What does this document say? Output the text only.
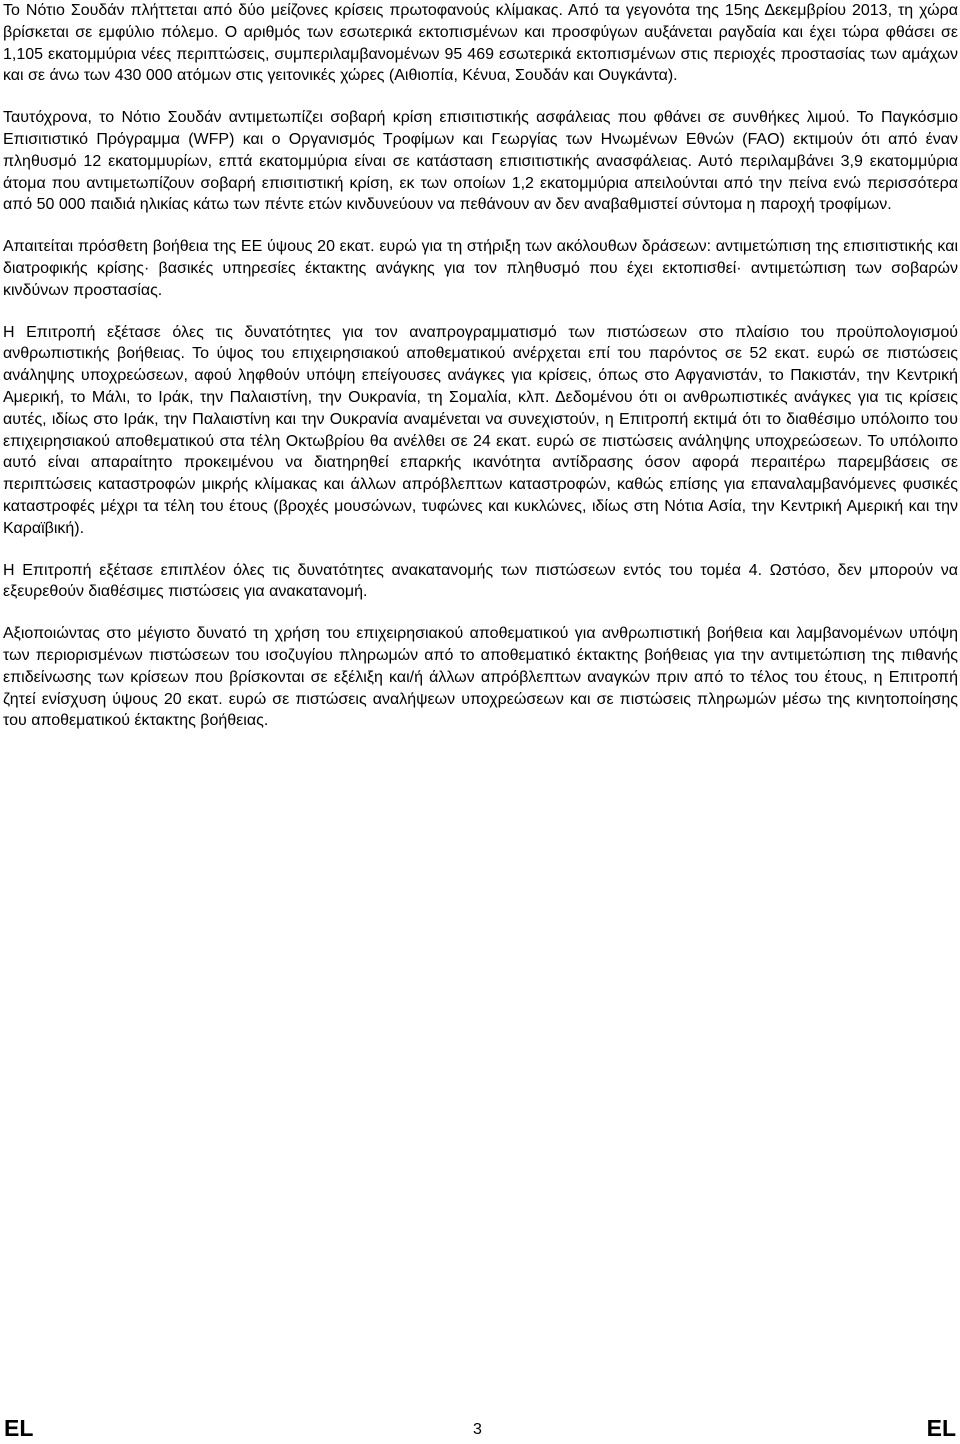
Το Νότιο Σουδάν πλήττεται από δύο μείζονες κρίσεις πρωτοφανούς κλίμακας. Από τα γεγονότα της 15ης Δεκεμβρίου 2013, τη χώρα βρίσκεται σε εμφύλιο πόλεμο. Ο αριθμός των εσωτερικά εκτοπισμένων και προσφύγων αυξάνεται ραγδαία και έχει τώρα φθάσει σε 1,105 εκατομμύρια νέες περιπτώσεις, συμπεριλαμβανομένων 95 469 εσωτερικά εκτοπισμένων στις περιοχές προστασίας των αμάχων και σε άνω των 430 000 ατόμων στις γειτονικές χώρες (Αιθιοπία, Κένυα, Σουδάν και Ουγκάντα).

Ταυτόχρονα, το Νότιο Σουδάν αντιμετωπίζει σοβαρή κρίση επισιτιστικής ασφάλειας που φθάνει σε συνθήκες λιμού. Το Παγκόσμιο Επισιτιστικό Πρόγραμμα (WFP) και ο Οργανισμός Τροφίμων και Γεωργίας των Ηνωμένων Εθνών (FAO) εκτιμούν ότι από έναν πληθυσμό 12 εκατομμυρίων, επτά εκατομμύρια είναι σε κατάσταση επισιτιστικής ανασφάλειας. Αυτό περιλαμβάνει 3,9 εκατομμύρια άτομα που αντιμετωπίζουν σοβαρή επισιτιστική κρίση, εκ των οποίων 1,2 εκατομμύρια απειλούνται από την πείνα ενώ περισσότερα από 50 000 παιδιά ηλικίας κάτω των πέντε ετών κινδυνεύουν να πεθάνουν αν δεν αναβαθμιστεί σύντομα η παροχή τροφίμων.

Απαιτείται πρόσθετη βοήθεια της ΕΕ ύψους 20 εκατ. ευρώ για τη στήριξη των ακόλουθων δράσεων: αντιμετώπιση της επισιτιστικής και διατροφικής κρίσης· βασικές υπηρεσίες έκτακτης ανάγκης για τον πληθυσμό που έχει εκτοπισθεί· αντιμετώπιση των σοβαρών κινδύνων προστασίας.

Η Επιτροπή εξέτασε όλες τις δυνατότητες για τον αναπρογραμματισμό των πιστώσεων στο πλαίσιο του προϋπολογισμού ανθρωπιστικής βοήθειας. Το ύψος του επιχειρησιακού αποθεματικού ανέρχεται επί του παρόντος σε 52 εκατ. ευρώ σε πιστώσεις ανάληψης υποχρεώσεων, αφού ληφθούν υπόψη επείγουσες ανάγκες για κρίσεις, όπως στο Αφγανιστάν, το Πακιστάν, την Κεντρική Αμερική, το Μάλι, το Ιράκ, την Παλαιστίνη, την Ουκρανία, τη Σομαλία, κλπ. Δεδομένου ότι οι ανθρωπιστικές ανάγκες για τις κρίσεις αυτές, ιδίως στο Ιράκ, την Παλαιστίνη και την Ουκρανία αναμένεται να συνεχιστούν, η Επιτροπή εκτιμά ότι το διαθέσιμο υπόλοιπο του επιχειρησιακού αποθεματικού στα τέλη Οκτωβρίου θα ανέλθει σε 24 εκατ. ευρώ σε πιστώσεις ανάληψης υποχρεώσεων. Το υπόλοιπο αυτό είναι απαραίτητο προκειμένου να διατηρηθεί επαρκής ικανότητα αντίδρασης όσον αφορά περαιτέρω παρεμβάσεις σε περιπτώσεις καταστροφών μικρής κλίμακας και άλλων απρόβλεπτων καταστροφών, καθώς επίσης για επαναλαμβανόμενες φυσικές καταστροφές μέχρι τα τέλη του έτους (βροχές μουσώνων, τυφώνες και κυκλώνες, ιδίως στη Νότια Ασία, την Κεντρική Αμερική και την Καραϊβική).

Η Επιτροπή εξέτασε επιπλέον όλες τις δυνατότητες ανακατανομής των πιστώσεων εντός του τομέα 4. Ωστόσο, δεν μπορούν να εξευρεθούν διαθέσιμες πιστώσεις για ανακατανομή.

Αξιοποιώντας στο μέγιστο δυνατό τη χρήση του επιχειρησιακού αποθεματικού για ανθρωπιστική βοήθεια και λαμβανομένων υπόψη των περιορισμένων πιστώσεων του ισοζυγίου πληρωμών από το αποθεματικό έκτακτης βοήθειας για την αντιμετώπιση της πιθανής επιδείνωσης των κρίσεων που βρίσκονται σε εξέλιξη και/ή άλλων απρόβλεπτων αναγκών πριν από το τέλος του έτους, η Επιτροπή ζητεί ενίσχυση ύψους 20 εκατ. ευρώ σε πιστώσεις αναλήψεων υποχρεώσεων και σε πιστώσεις πληρωμών μέσω της κινητοποίησης του αποθεματικού έκτακτης βοήθειας.

EL	3	EL
